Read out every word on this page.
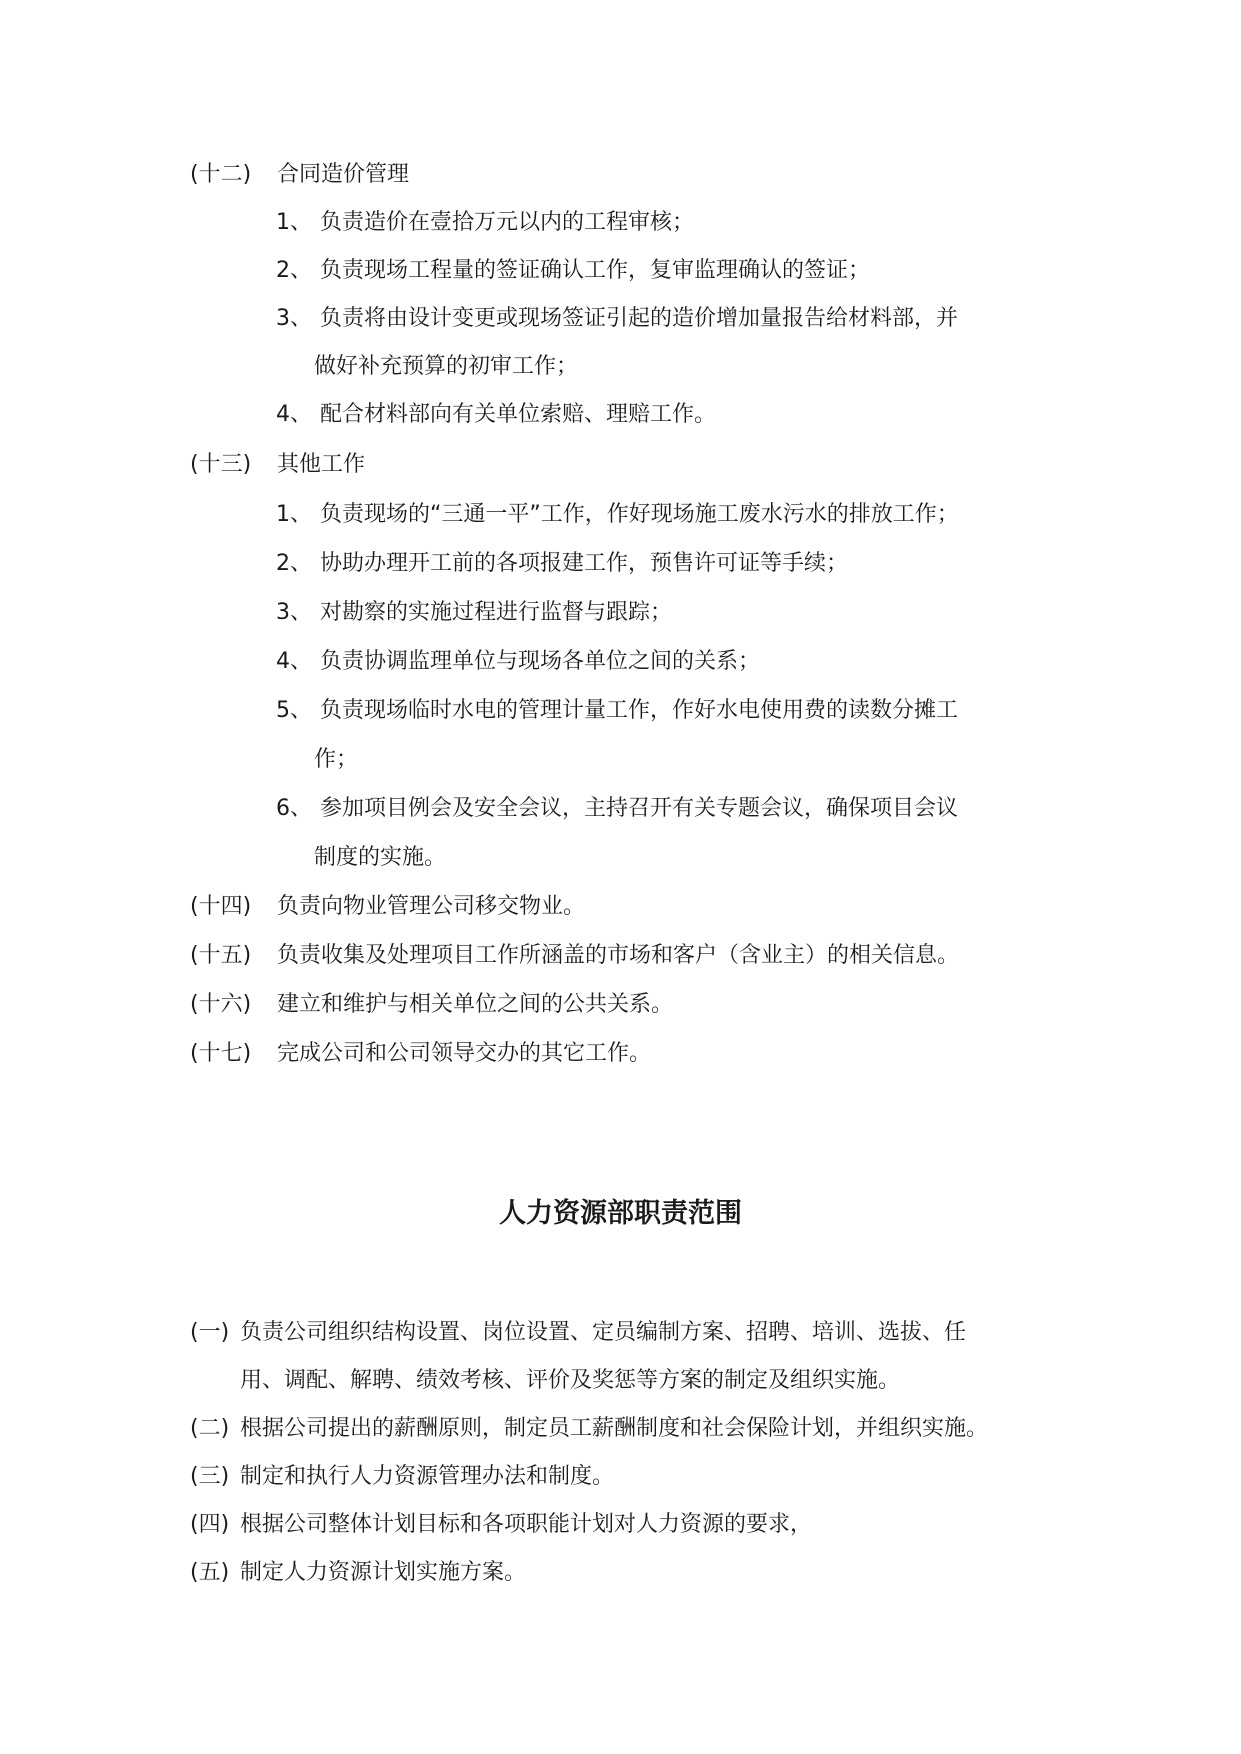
(十二) 合同造价管理
1、 负责造价在壹拾万元以内的工程审核；
2、 负责现场工程量的签证确认工作，复审监理确认的签证；
3、 负责将由设计变更或现场签证引起的造价增加量报告给材料部，并
做好补充预算的初审工作；
4、 配合材料部向有关单位索赔、理赔工作。
(十三) 其他工作
1、 负责现场的“三通一平”工作，作好现场施工废水污水的排放工作；
2、 协助办理开工前的各项报建工作，预售许可证等手续；
3、 对勘察的实施过程进行监督与跟踪；
4、 负责协调监理单位与现场各单位之间的关系；
5、 负责现场临时水电的管理计量工作，作好水电使用费的读数分摊工
作；
6、 参加项目例会及安全会议，主持召开有关专题会议，确保项目会议
制度的实施。
(十四) 负责向物业管理公司移交物业。
(十五) 负责收集及处理项目工作所涵盖的市场和客户（含业主）的相关信息。
(十六) 建立和维护与相关单位之间的公共关系。
(十七) 完成公司和公司领导交办的其它工作。
人力资源部职责范围
(一) 负责公司组织结构设置、岗位设置、定员编制方案、招聘、培训、选拔、任
用、调配、解聘、绩效考核、评价及奖惩等方案的制定及组织实施。
(二) 根据公司提出的薪酬原则，制定员工薪酬制度和社会保险计划，并组织实施。
(三) 制定和执行人力资源管理办法和制度。
(四) 根据公司整体计划目标和各项职能计划对人力资源的要求，
(五) 制定人力资源计划实施方案。
